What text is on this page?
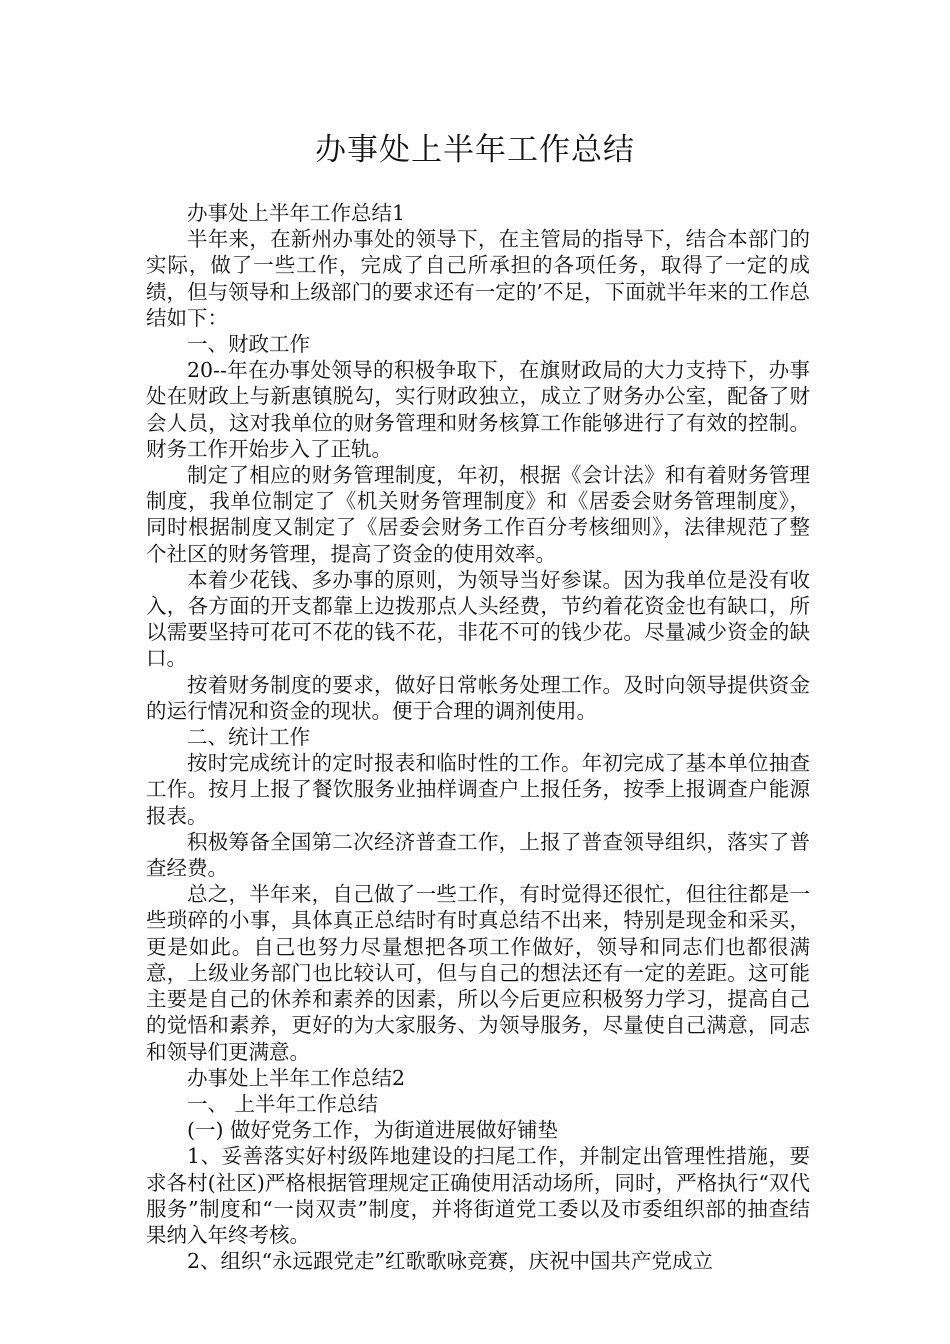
办事处上半年工作总结

办事处上半年工作总结1

半年来，在新州办事处的领导下，在主管局的指导下，结合本部门的实际，做了一些工作，完成了自己所承担的各项任务，取得了一定的成绩，但与领导和上级部门的要求还有一定的’不足，下面就半年来的工作总结如下：

一、财政工作

20--年在办事处领导的积极争取下，在旗财政局的大力支持下，办事处在财政上与新惠镇脱勾，实行财政独立，成立了财务办公室，配备了财会人员，这对我单位的财务管理和财务核算工作能够进行了有效的控制。财务工作开始步入了正轨。

制定了相应的财务管理制度，年初，根据《会计法》和有着财务管理制度，我单位制定了《机关财务管理制度》和《居委会财务管理制度》，同时根据制度又制定了《居委会财务工作百分考核细则》，法律规范了整个社区的财务管理，提高了资金的使用效率。

本着少花钱、多办事的原则，为领导当好参谋。因为我单位是没有收入，各方面的开支都靠上边拨那点人头经费，节约着花资金也有缺口，所以需要坚持可花可不花的钱不花，非花不可的钱少花。尽量减少资金的缺口。

按着财务制度的要求，做好日常帐务处理工作。及时向领导提供资金的运行情况和资金的现状。便于合理的调剂使用。

二、统计工作

按时完成统计的定时报表和临时性的工作。年初完成了基本单位抽查工作。按月上报了餐饮服务业抽样调查户上报任务，按季上报调查户能源报表。

积极筹备全国第二次经济普查工作，上报了普查领导组织，落实了普查经费。

总之，半年来，自己做了一些工作，有时觉得还很忙，但往往都是一些琐碎的小事，具体真正总结时有时真总结不出来，特别是现金和采买，更是如此。自己也努力尽量想把各项工作做好，领导和同志们也都很满意，上级业务部门也比较认可，但与自己的想法还有一定的差距。这可能主要是自己的休养和素养的因素，所以今后更应积极努力学习，提高自己的觉悟和素养，更好的为大家服务、为领导服务，尽量使自己满意，同志和领导们更满意。

办事处上半年工作总结2

一、 上半年工作总结

(一) 做好党务工作，为街道进展做好铺垫

1、妥善落实好村级阵地建设的扫尾工作，并制定出管理性措施，要求各村(社区)严格根据管理规定正确使用活动场所，同时，严格执行“双代服务”制度和“一岗双责”制度，并将街道党工委以及市委组织部的抽查结果纳入年终考核。

2、组织“永远跟党走”红歌歌咏竞赛，庆祝中国共产党成立
